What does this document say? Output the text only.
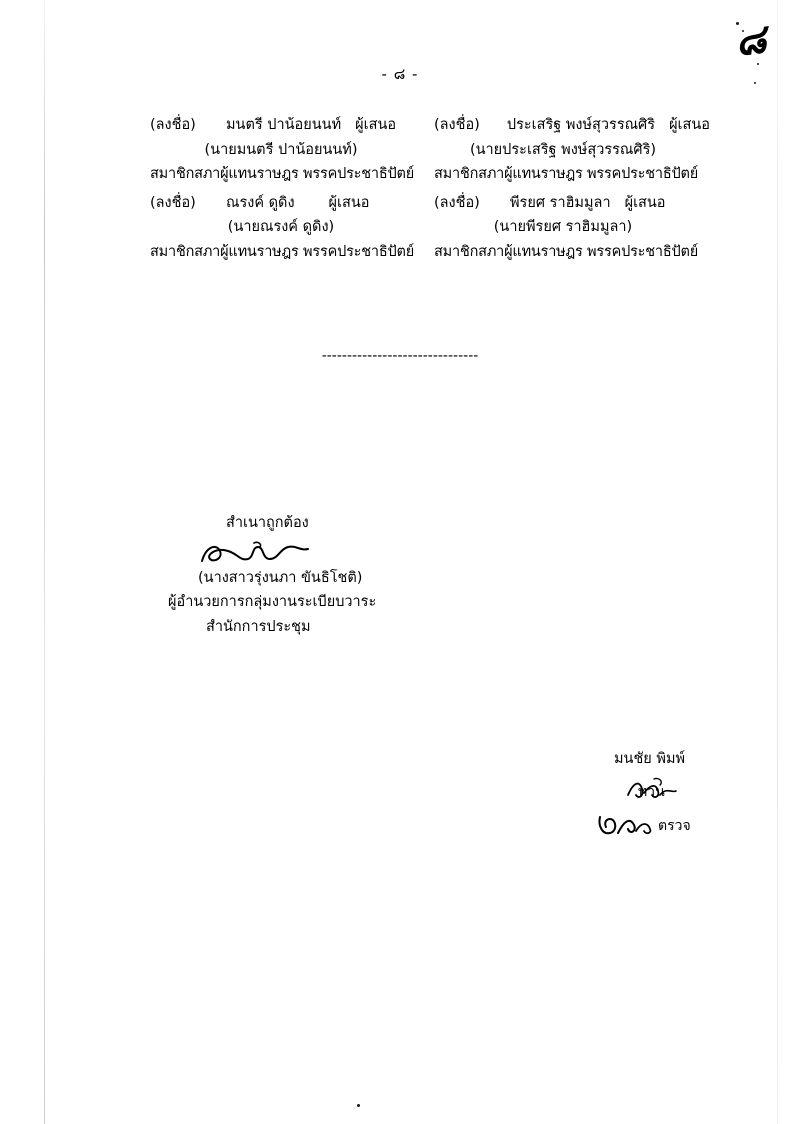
๘
- ๘ -
(ลงชื่อ)	มนตรี ปาน้อยนนท์ ผู้เสนอ	(ลงชื่อ)	ประเสริฐ พงษ์สุวรรณศิริ ผู้เสนอ
(นายมนตรี ปาน้อยนนท์)	(นายประเสริฐ พงษ์สุวรรณศิริ)
สมาชิกสภาผู้แทนราษฎร พรรคประชาธิปัตย์	สมาชิกสภาผู้แทนราษฎร พรรคประชาธิปัตย์
(ลงชื่อ)	ณรงค์ ดูดิง ผู้เสนอ	(ลงชื่อ)	พีรยศ ราฮิมมูลา ผู้เสนอ
(นายณรงค์ ดูดิง)	(นายพีรยศ ราฮิมมูลา)
สมาชิกสภาผู้แทนราษฎร พรรคประชาธิปัตย์	สมาชิกสภาผู้แทนราษฎร พรรคประชาธิปัตย์
-------------------------------
สำเนาถูกต้อง
(นางสาวรุ่งนภา ขันธิโชติ)
ผู้อำนวยการกลุ่มงานระเบียบวาระ
สำนักการประชุม
มนชัย พิมพ์
ทาน
ตรวจ
